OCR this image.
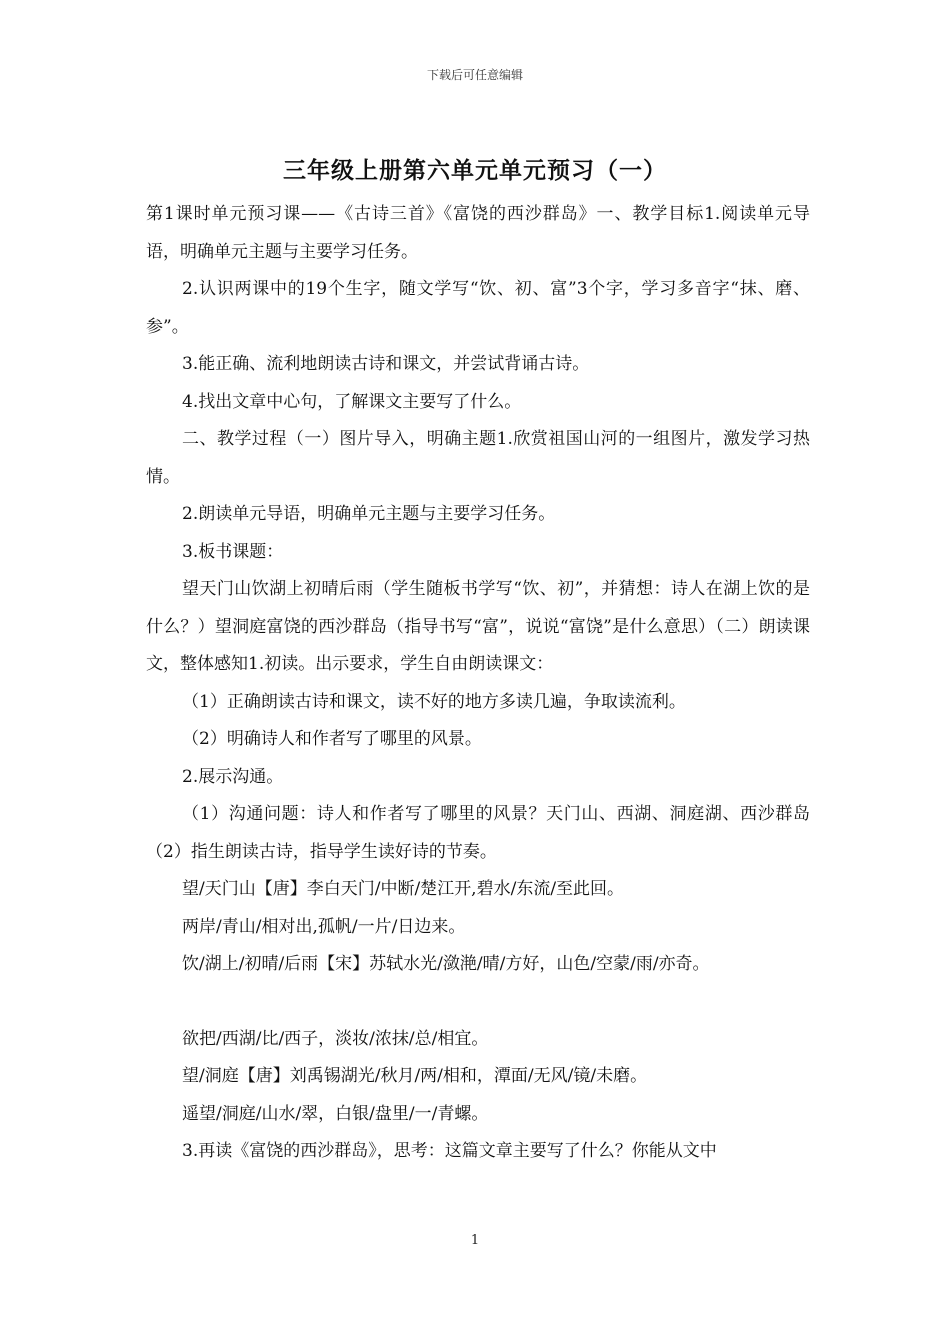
下载后可任意编辑
三年级上册第六单元单元预习（一）

第1课时单元预习课——《古诗三首》《富饶的西沙群岛》一、教学目标1.阅读单元导语，明确单元主题与主要学习任务。

2.认识两课中的19个生字，随文学写“饮、初、富”3个字，学习多音字“抹、磨、参”。

3.能正确、流利地朗读古诗和课文，并尝试背诵古诗。

4.找出文章中心句，了解课文主要写了什么。

二、教学过程（一）图片导入，明确主题1.欣赏祖国山河的一组图片，激发学习热情。

2.朗读单元导语，明确单元主题与主要学习任务。

3.板书课题：

望天门山饮湖上初晴后雨（学生随板书学写“饮、初”，并猜想：诗人在湖上饮的是什么？）望洞庭富饶的西沙群岛（指导书写“富”，说说“富饶”是什么意思）（二）朗读课文，整体感知1.初读。出示要求，学生自由朗读课文：

（1）正确朗读古诗和课文，读不好的地方多读几遍，争取读流利。

（2）明确诗人和作者写了哪里的风景。

2.展示沟通。

（1）沟通问题：诗人和作者写了哪里的风景？天门山、西湖、洞庭湖、西沙群岛（2）指生朗读古诗，指导学生读好诗的节奏。

望/天门山【唐】李白天门/中断/楚江开,碧水/东流/至此回。

两岸/青山/相对出,孤帆/一片/日边来。

饮/湖上/初晴/后雨【宋】苏轼水光/潋滟/晴/方好，山色/空蒙/雨/亦奇。

欲把/西湖/比/西子，淡妆/浓抹/总/相宜。

望/洞庭【唐】刘禹锡湖光/秋月/两/相和，潭面/无风/镜/未磨。

遥望/洞庭/山水/翠，白银/盘里/一/青螺。

3.再读《富饶的西沙群岛》，思考：这篇文章主要写了什么？你能从文中

1
